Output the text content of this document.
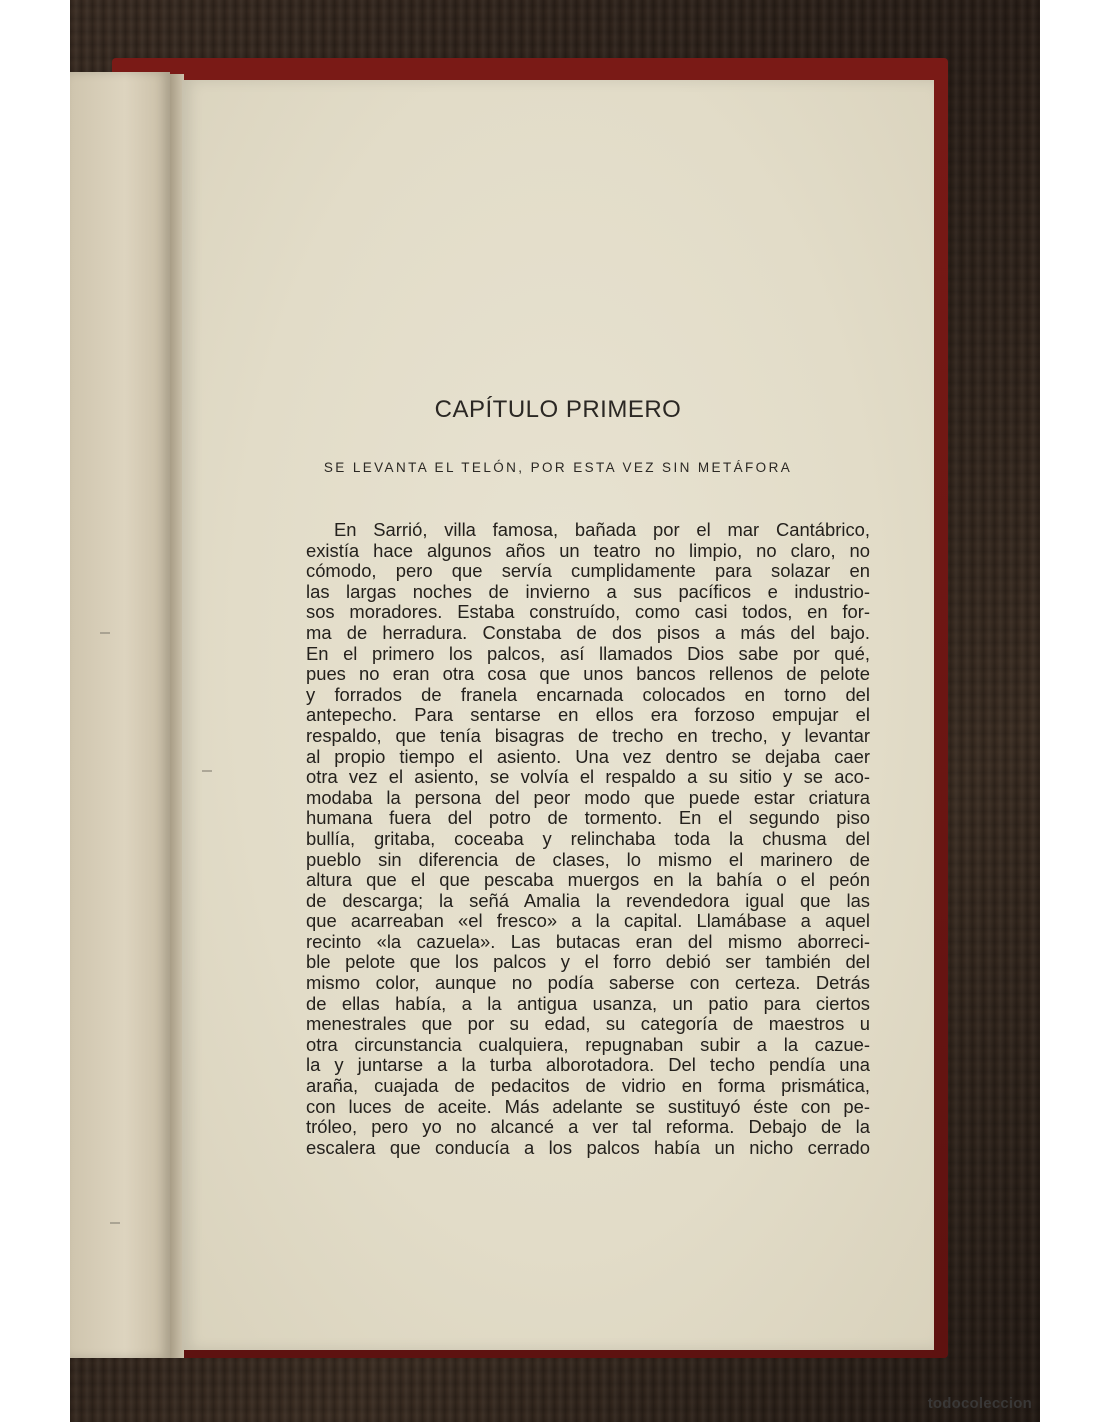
CAPÍTULO PRIMERO
SE LEVANTA EL TELÓN, POR ESTA VEZ SIN METÁFORA
En Sarrió, villa famosa, bañada por el mar Cantábrico,
existía hace algunos años un teatro no limpio, no claro, no
cómodo, pero que servía cumplidamente para solazar en
las largas noches de invierno a sus pacíficos e industrio-
sos moradores. Estaba construído, como casi todos, en for-
ma de herradura. Constaba de dos pisos a más del bajo.
En el primero los palcos, así llamados Dios sabe por qué,
pues no eran otra cosa que unos bancos rellenos de pelote
y forrados de franela encarnada colocados en torno del
antepecho. Para sentarse en ellos era forzoso empujar el
respaldo, que tenía bisagras de trecho en trecho, y levantar
al propio tiempo el asiento. Una vez dentro se dejaba caer
otra vez el asiento, se volvía el respaldo a su sitio y se aco-
modaba la persona del peor modo que puede estar criatura
humana fuera del potro de tormento. En el segundo piso
bullía, gritaba, coceaba y relinchaba toda la chusma del
pueblo sin diferencia de clases, lo mismo el marinero de
altura que el que pescaba muergos en la bahía o el peón
de descarga; la señá Amalia la revendedora igual que las
que acarreaban «el fresco» a la capital. Llamábase a aquel
recinto «la cazuela». Las butacas eran del mismo aborreci-
ble pelote que los palcos y el forro debió ser también del
mismo color, aunque no podía saberse con certeza. Detrás
de ellas había, a la antigua usanza, un patio para ciertos
menestrales que por su edad, su categoría de maestros u
otra circunstancia cualquiera, repugnaban subir a la cazue-
la y juntarse a la turba alborotadora. Del techo pendía una
araña, cuajada de pedacitos de vidrio en forma prismática,
con luces de aceite. Más adelante se sustituyó éste con pe-
tróleo, pero yo no alcancé a ver tal reforma. Debajo de la
escalera que conducía a los palcos había un nicho cerrado
todocoleccion
